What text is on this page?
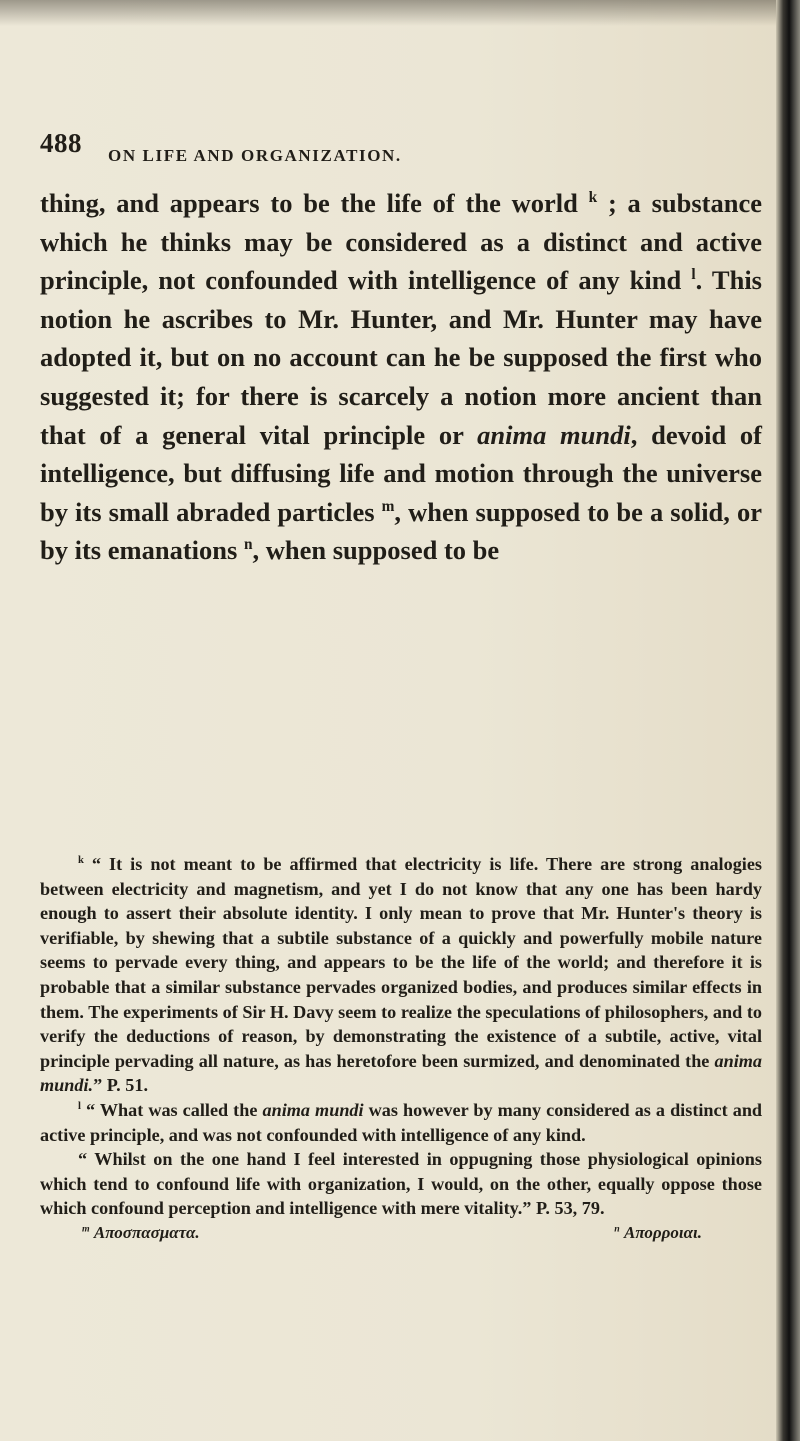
488 ON LIFE AND ORGANIZATION.

thing, and appears to be the life of the world $^k$ ; a substance which he thinks may be considered as a distinct and active principle, not confounded with intelligence of any kind $^l$. This notion he ascribes to Mr. Hunter, and Mr. Hunter may have adopted it, but on no account can he be supposed the first who suggested it; for there is scarcely a notion more ancient than that of a general vital principle or anima mundi, devoid of intelligence, but diffusing life and motion through the universe by its small abraded particles $^m$, when supposed to be a solid, or by its emanations $^n$, when supposed to be

$^k$ “ It is not meant to be affirmed that electricity is life. There are strong analogies between electricity and magnetism, and yet I do not know that any one has been hardy enough to assert their absolute identity. I only mean to prove that Mr. Hunter's theory is verifiable, by shewing that a subtile substance of a quickly and powerfully mobile nature seems to pervade every thing, and appears to be the life of the world; and therefore it is probable that a similar substance pervades organized bodies, and produces similar effects in them. The experiments of Sir H. Davy seem to realize the speculations of philosophers, and to verify the deductions of reason, by demonstrating the existence of a subtile, active, vital principle pervading all nature, as has heretofore been surmized, and denominated the anima mundi.” P. 51.

$^l$ “ What was called the anima mundi was however by many considered as a distinct and active principle, and was not confounded with intelligence of any kind.

“ Whilst on the one hand I feel interested in oppugning those physiological opinions which tend to confound life with organization, I would, on the other, equally oppose those which confound perception and intelligence with mere vitality.” P. 53, 79.

$^m$ Αποσπασματα.	$^n$ Απορροιαι.
